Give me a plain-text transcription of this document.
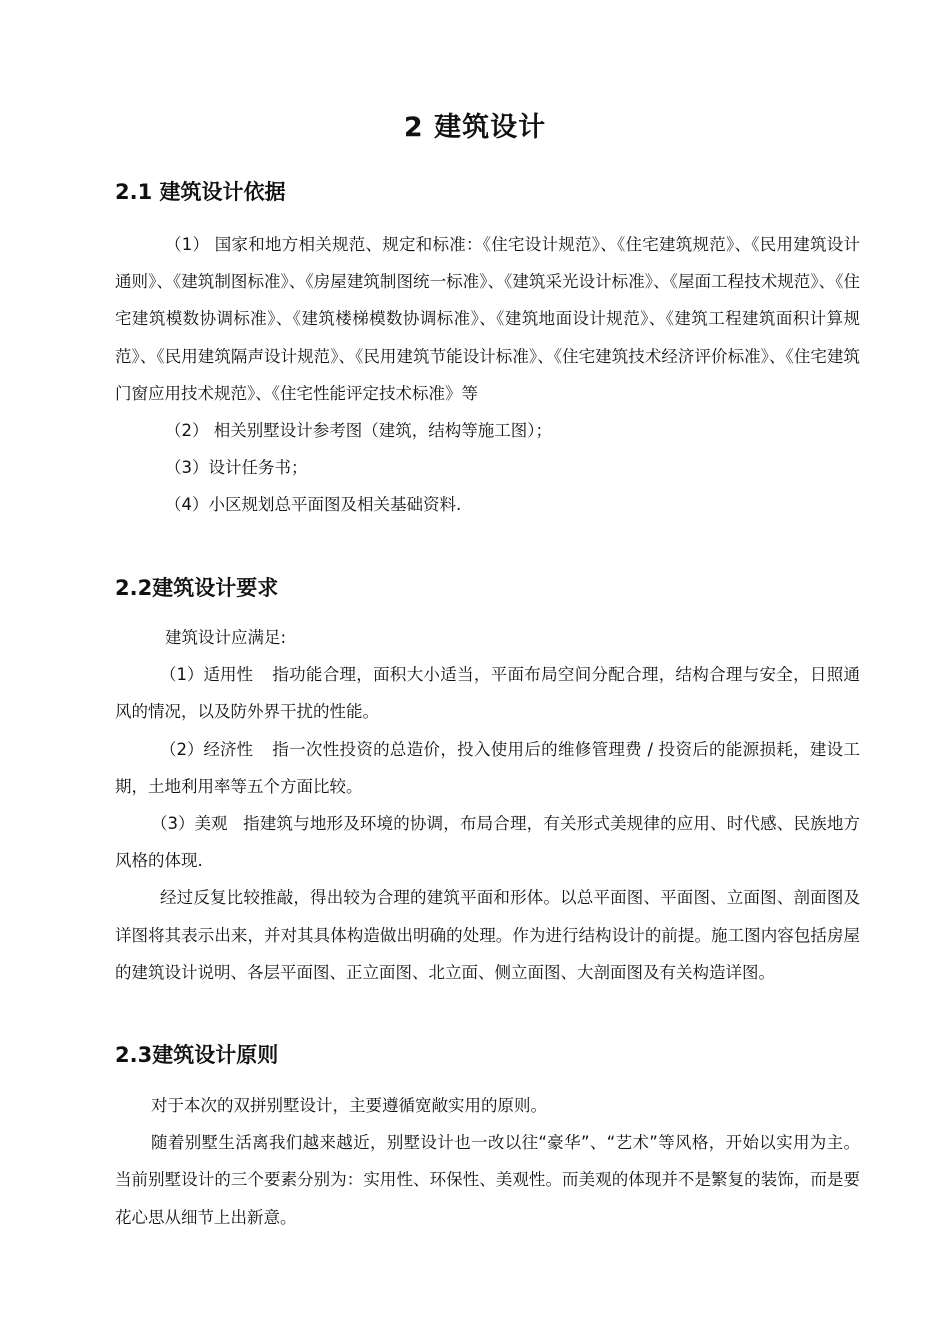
2 建筑设计
2.1 建筑设计依据

（1） 国家和地方相关规范、规定和标准：《住宅设计规范》、《住宅建筑规范》、《民用建筑设计通则》、《建筑制图标准》、《房屋建筑制图统一标准》、《建筑采光设计标准》、《屋面工程技术规范》、《住宅建筑模数协调标准》、《建筑楼梯模数协调标准》、《建筑地面设计规范》、《建筑工程建筑面积计算规范》、《民用建筑隔声设计规范》、《民用建筑节能设计标准》、《住宅建筑技术经济评价标准》、《住宅建筑门窗应用技术规范》、《住宅性能评定技术标准》等

（2） 相关别墅设计参考图（建筑，结构等施工图）；

（3）设计任务书；

（4）小区规划总平面图及相关基础资料.

2.2建筑设计要求

建筑设计应满足:

（1）适用性 指功能合理，面积大小适当，平面布局空间分配合理，结构合理与安全，日照通风的情况，以及防外界干扰的性能。

（2）经济性 指一次性投资的总造价，投入使用后的维修管理费 / 投资后的能源损耗，建设工期，土地利用率等五个方面比较。

（3）美观 指建筑与地形及环境的协调，布局合理，有关形式美规律的应用、时代感、民族地方风格的体现.

经过反复比较推敲，得出较为合理的建筑平面和形体。以总平面图、平面图、立面图、剖面图及详图将其表示出来，并对其具体构造做出明确的处理。作为进行结构设计的前提。施工图内容包括房屋的建筑设计说明、各层平面图、正立面图、北立面、侧立面图、大剖面图及有关构造详图。

2.3建筑设计原则

对于本次的双拼别墅设计，主要遵循宽敞实用的原则。

随着别墅生活离我们越来越近，别墅设计也一改以往“豪华”、“艺术”等风格，开始以实用为主。当前别墅设计的三个要素分别为：实用性、环保性、美观性。而美观的体现并不是繁复的装饰，而是要花心思从细节上出新意。
